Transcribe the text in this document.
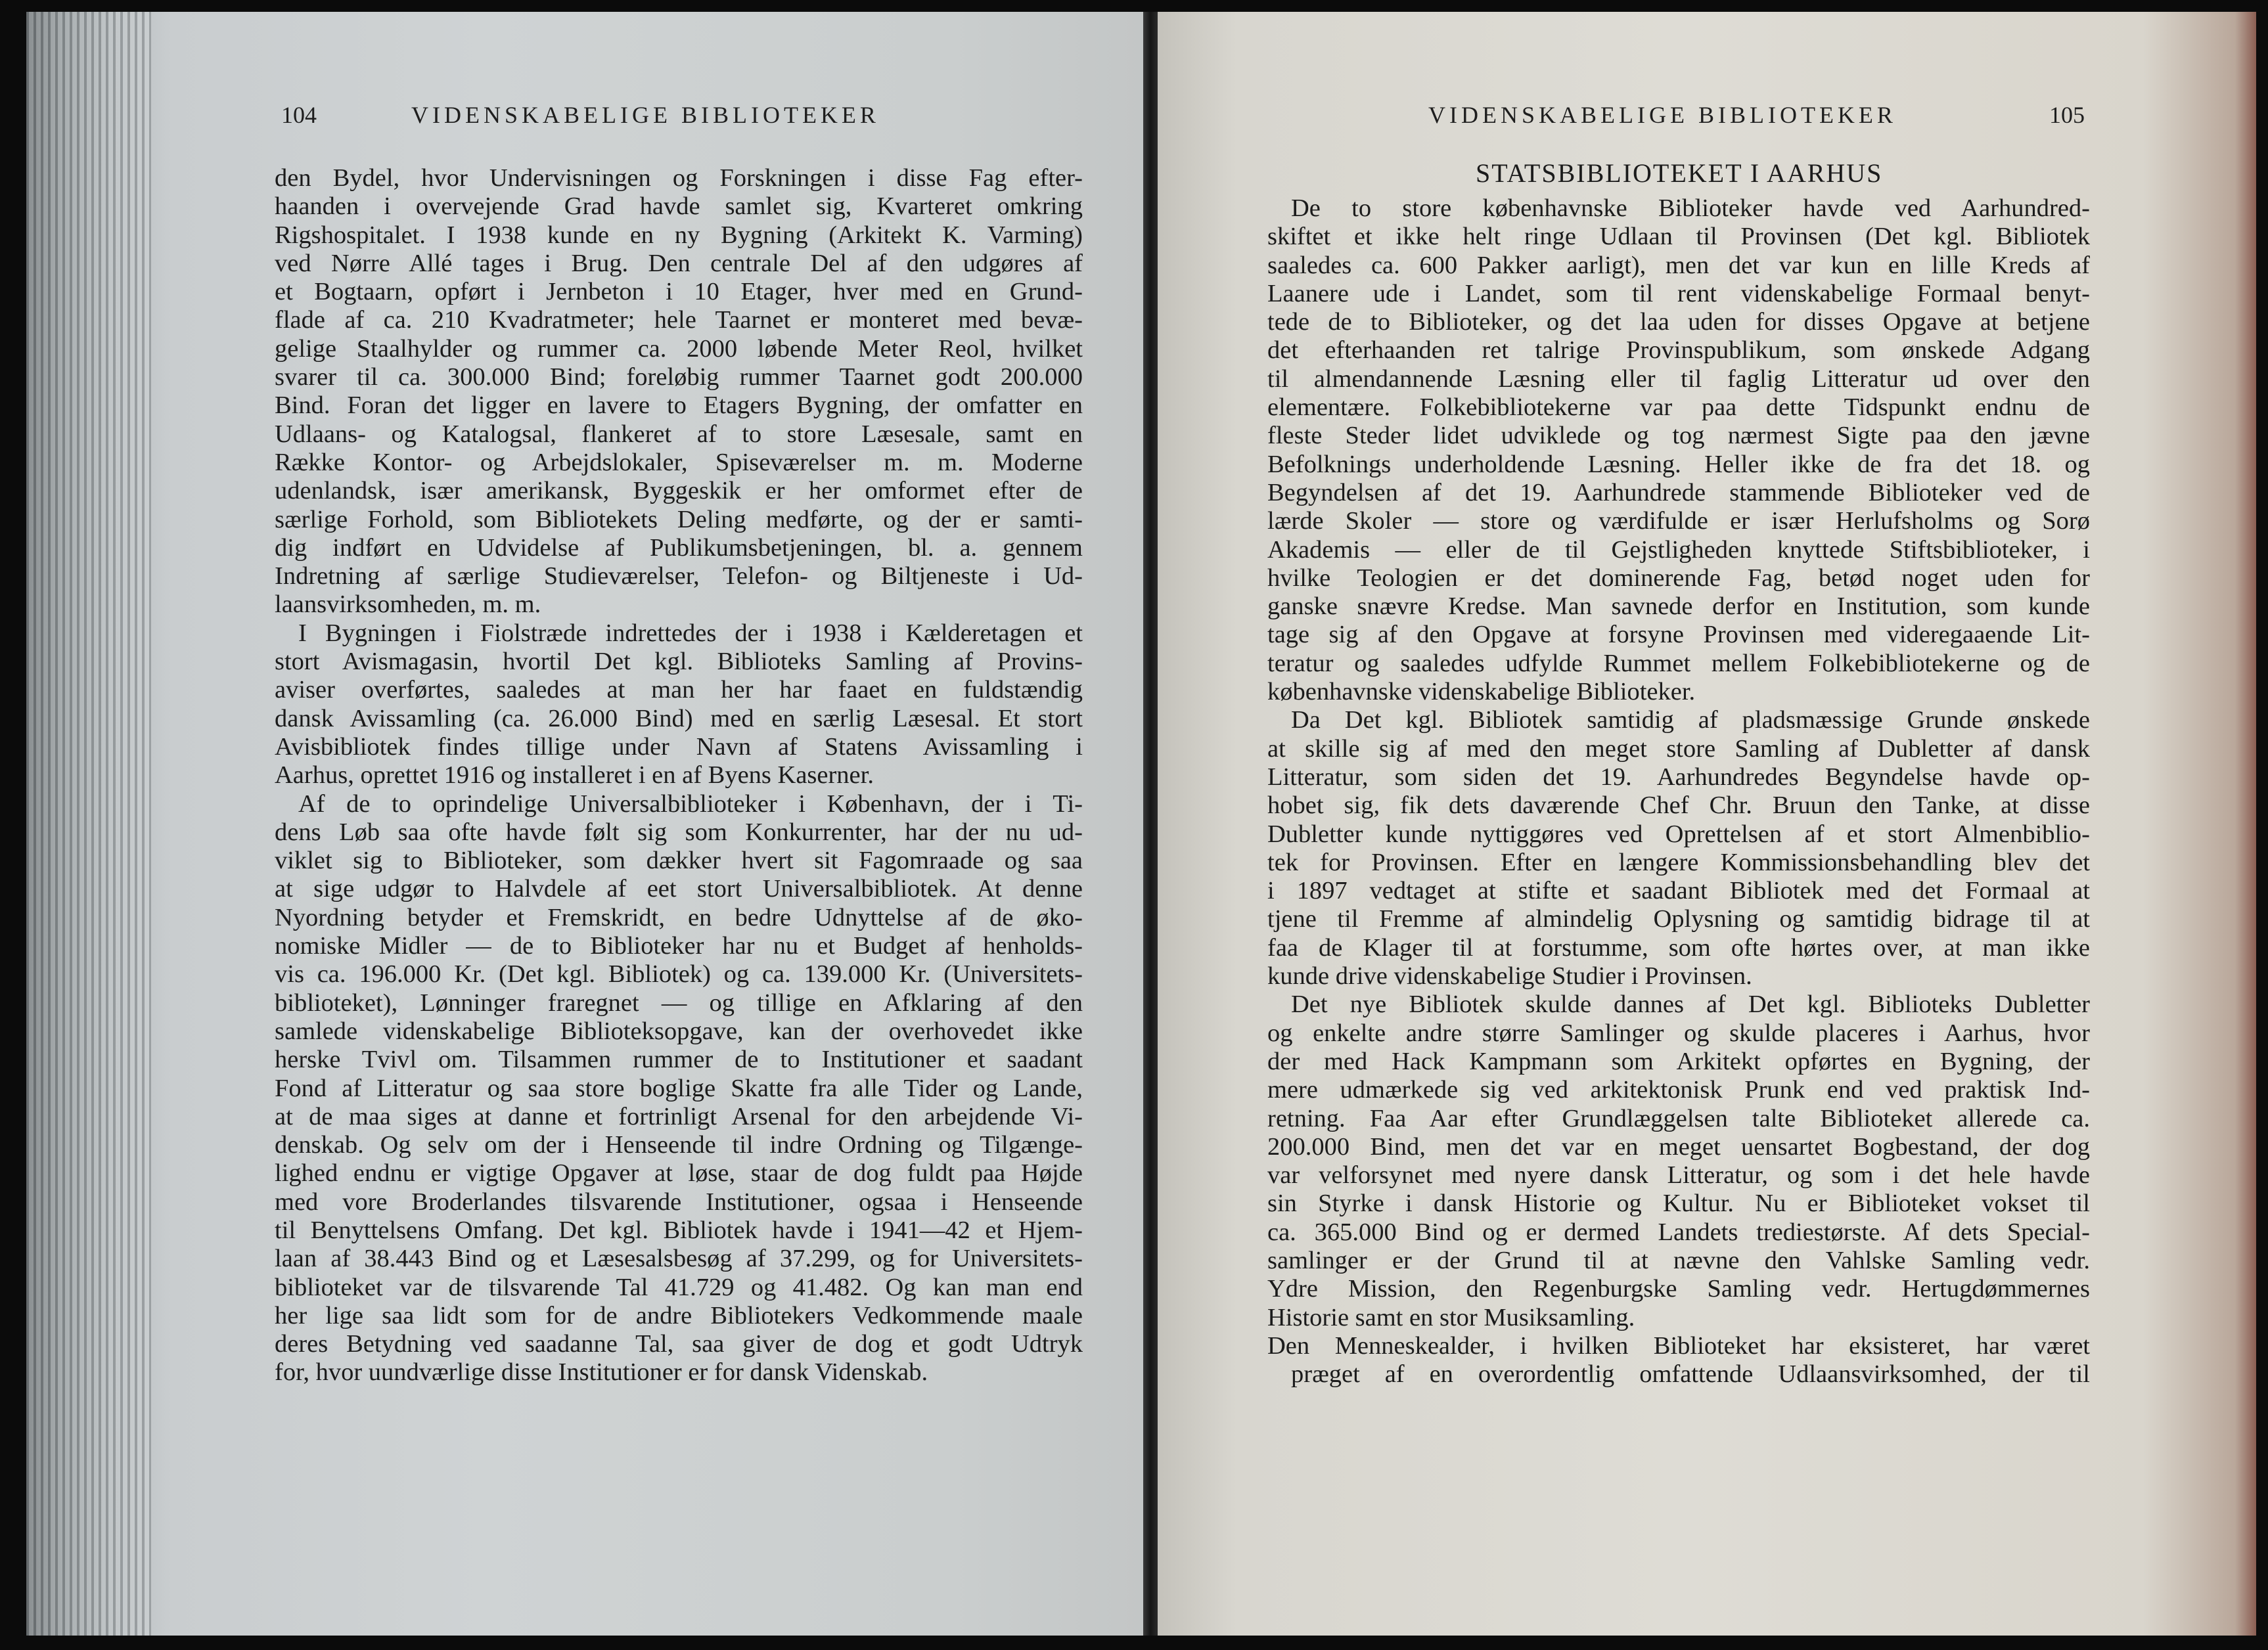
104	VIDENSKABELIGE BIBLIOTEKER
den Bydel, hvor Undervisningen og Forskningen i disse Fag efter-
haanden i overvejende Grad havde samlet sig, Kvarteret omkring
Rigshospitalet. I 1938 kunde en ny Bygning (Arkitekt K. Varming)
ved Nørre Allé tages i Brug. Den centrale Del af den udgøres af
et Bogtaarn, opført i Jernbeton i 10 Etager, hver med en Grund-
flade af ca. 210 Kvadratmeter; hele Taarnet er monteret med bevæ-
gelige Staalhylder og rummer ca. 2000 løbende Meter Reol, hvilket
svarer til ca. 300.000 Bind; foreløbig rummer Taarnet godt 200.000
Bind. Foran det ligger en lavere to Etagers Bygning, der omfatter en
Udlaans- og Katalogsal, flankeret af to store Læsesale, samt en
Række Kontor- og Arbejdslokaler, Spiseværelser m. m. Moderne
udenlandsk, især amerikansk, Byggeskik er her omformet efter de
særlige Forhold, som Bibliotekets Deling medførte, og der er samti-
dig indført en Udvidelse af Publikumsbetjeningen, bl. a. gennem
Indretning af særlige Studieværelser, Telefon- og Biltjeneste i Ud-
laansvirksomheden, m. m.
I Bygningen i Fiolstræde indrettedes der i 1938 i Kælderetagen et
stort Avismagasin, hvortil Det kgl. Biblioteks Samling af Provins-
aviser overførtes, saaledes at man her har faaet en fuldstændig
dansk Avissamling (ca. 26.000 Bind) med en særlig Læsesal. Et stort
Avisbibliotek findes tillige under Navn af Statens Avissamling i
Aarhus, oprettet 1916 og installeret i en af Byens Kaserner.
Af de to oprindelige Universalbiblioteker i København, der i Ti-
dens Løb saa ofte havde følt sig som Konkurrenter, har der nu ud-
viklet sig to Biblioteker, som dækker hvert sit Fagomraade og saa
at sige udgør to Halvdele af eet stort Universalbibliotek. At denne
Nyordning betyder et Fremskridt, en bedre Udnyttelse af de øko-
nomiske Midler — de to Biblioteker har nu et Budget af henholds-
vis ca. 196.000 Kr. (Det kgl. Bibliotek) og ca. 139.000 Kr. (Universitets-
biblioteket), Lønninger fraregnet — og tillige en Afklaring af den
samlede videnskabelige Biblioteksopgave, kan der overhovedet ikke
herske Tvivl om. Tilsammen rummer de to Institutioner et saadant
Fond af Litteratur og saa store boglige Skatte fra alle Tider og Lande,
at de maa siges at danne et fortrinligt Arsenal for den arbejdende Vi-
denskab. Og selv om der i Henseende til indre Ordning og Tilgænge-
lighed endnu er vigtige Opgaver at løse, staar de dog fuldt paa Højde
med vore Broderlandes tilsvarende Institutioner, ogsaa i Henseende
til Benyttelsens Omfang. Det kgl. Bibliotek havde i 1941—42 et Hjem-
laan af 38.443 Bind og et Læsesalsbesøg af 37.299, og for Universitets-
biblioteket var de tilsvarende Tal 41.729 og 41.482. Og kan man end
her lige saa lidt som for de andre Bibliotekers Vedkommende maale
deres Betydning ved saadanne Tal, saa giver de dog et godt Udtryk
for, hvor uundværlige disse Institutioner er for dansk Videnskab.
VIDENSKABELIGE BIBLIOTEKER	105
STATSBIBLIOTEKET I AARHUS
De to store københavnske Biblioteker havde ved Aarhundred-
skiftet et ikke helt ringe Udlaan til Provinsen (Det kgl. Bibliotek
saaledes ca. 600 Pakker aarligt), men det var kun en lille Kreds af
Laanere ude i Landet, som til rent videnskabelige Formaal benyt-
tede de to Biblioteker, og det laa uden for disses Opgave at betjene
det efterhaanden ret talrige Provinspublikum, som ønskede Adgang
til almendannende Læsning eller til faglig Litteratur ud over den
elementære. Folkebibliotekerne var paa dette Tidspunkt endnu de
fleste Steder lidet udviklede og tog nærmest Sigte paa den jævne
Befolknings underholdende Læsning. Heller ikke de fra det 18. og
Begyndelsen af det 19. Aarhundrede stammende Biblioteker ved de
lærde Skoler — store og værdifulde er især Herlufsholms og Sorø
Akademis — eller de til Gejstligheden knyttede Stiftsbiblioteker, i
hvilke Teologien er det dominerende Fag, betød noget uden for
ganske snævre Kredse. Man savnede derfor en Institution, som kunde
tage sig af den Opgave at forsyne Provinsen med videregaaende Lit-
teratur og saaledes udfylde Rummet mellem Folkebibliotekerne og de
københavnske videnskabelige Biblioteker.
Da Det kgl. Bibliotek samtidig af pladsmæssige Grunde ønskede
at skille sig af med den meget store Samling af Dubletter af dansk
Litteratur, som siden det 19. Aarhundredes Begyndelse havde op-
hobet sig, fik dets daværende Chef Chr. Bruun den Tanke, at disse
Dubletter kunde nyttiggøres ved Oprettelsen af et stort Almenbiblio-
tek for Provinsen. Efter en længere Kommissionsbehandling blev det
i 1897 vedtaget at stifte et saadant Bibliotek med det Formaal at
tjene til Fremme af almindelig Oplysning og samtidig bidrage til at
faa de Klager til at forstumme, som ofte hørtes over, at man ikke
kunde drive videnskabelige Studier i Provinsen.
Det nye Bibliotek skulde dannes af Det kgl. Biblioteks Dubletter
og enkelte andre større Samlinger og skulde placeres i Aarhus, hvor
der med Hack Kampmann som Arkitekt opførtes en Bygning, der
mere udmærkede sig ved arkitektonisk Prunk end ved praktisk Ind-
retning. Faa Aar efter Grundlæggelsen talte Biblioteket allerede ca.
200.000 Bind, men det var en meget uensartet Bogbestand, der dog
var velforsynet med nyere dansk Litteratur, og som i det hele havde
sin Styrke i dansk Historie og Kultur. Nu er Biblioteket vokset til
ca. 365.000 Bind og er dermed Landets trediestørste. Af dets Special-
samlinger er der Grund til at nævne den Vahlske Samling vedr.
Ydre Mission, den Regenburgske Samling vedr. Hertugdømmernes
Historie samt en stor Musiksamling.
Den Menneskealder, i hvilken Biblioteket har eksisteret, har været
præget af en overordentlig omfattende Udlaansvirksomhed, der til
